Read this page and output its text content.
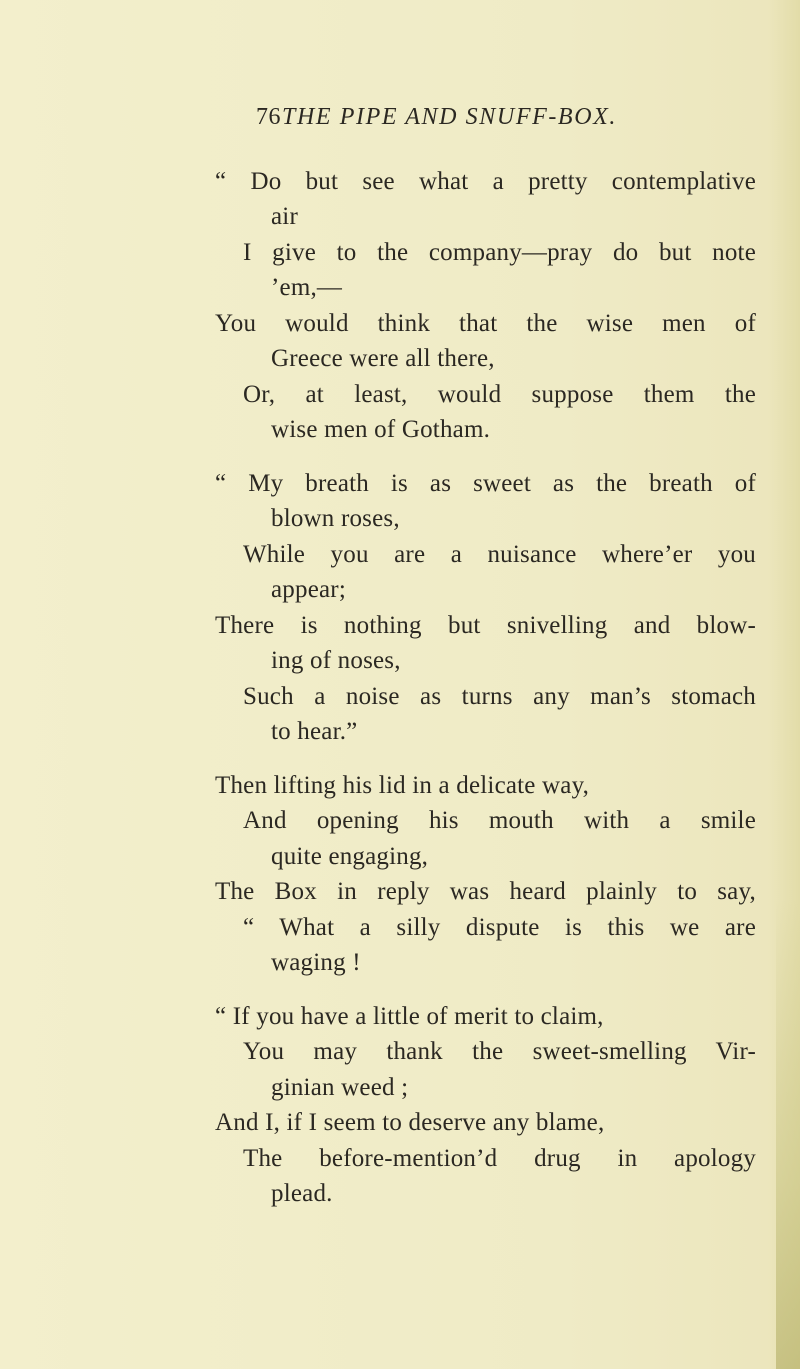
76 THE PIPE AND SNUFF-BOX.
“ Do but see what a pretty contemplative
air
I give to the company—pray do but note
’em,—
You would think that the wise men of
Greece were all there,
Or, at least, would suppose them the
wise men of Gotham.
“ My breath is as sweet as the breath of
blown roses,
While you are a nuisance where’er you
appear;
There is nothing but snivelling and blow-
ing of noses,
Such a noise as turns any man’s stomach
to hear.”
Then lifting his lid in a delicate way,
And opening his mouth with a smile
quite engaging,
The Box in reply was heard plainly to say,
“ What a silly dispute is this we are
waging !
“ If you have a little of merit to claim,
You may thank the sweet-smelling Vir-
ginian weed ;
And I, if I seem to deserve any blame,
The before-mention’d drug in apology
plead.
